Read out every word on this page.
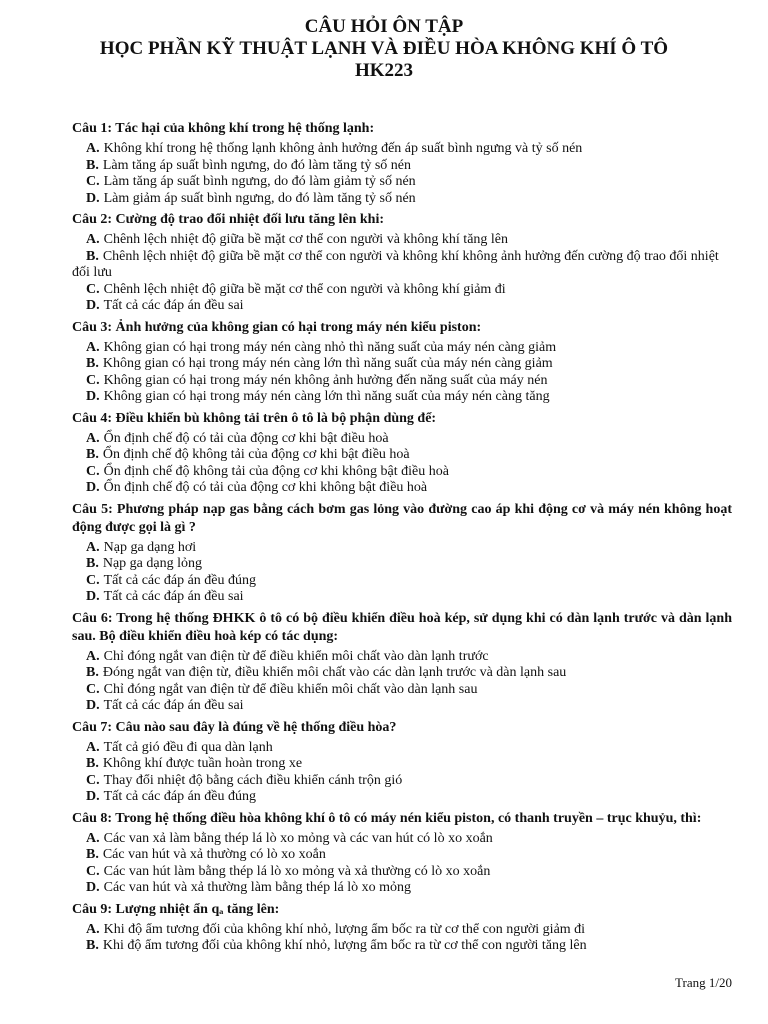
CÂU HỎI ÔN TẬP
HỌC PHẦN KỸ THUẬT LẠNH VÀ ĐIỀU HÒA KHÔNG KHÍ Ô TÔ
HK223
Câu 1: Tác hại của không khí trong hệ thống lạnh:
A. Không khí trong hệ thống lạnh không ảnh hưởng đến áp suất bình ngưng và tỷ số nén
B. Làm tăng áp suất bình ngưng, do đó làm tăng tỷ số nén
C. Làm tăng áp suất bình ngưng, do đó làm giảm tỷ số nén
D. Làm giảm áp suất bình ngưng, do đó làm tăng tỷ số nén
Câu 2: Cường độ trao đổi nhiệt đối lưu tăng lên khi:
A. Chênh lệch nhiệt độ giữa bề mặt cơ thể con người và không khí tăng lên
B. Chênh lệch nhiệt độ giữa bề mặt cơ thể con người và không khí không ảnh hưởng đến cường độ trao đổi nhiệt đối lưu
C. Chênh lệch nhiệt độ giữa bề mặt cơ thể con người và không khí giảm đi
D. Tất cả các đáp án đều sai
Câu 3: Ảnh hưởng của không gian có hại trong máy nén kiểu piston:
A. Không gian có hại trong máy nén càng nhỏ thì năng suất của máy nén càng giảm
B. Không gian có hại trong máy nén càng lớn thì năng suất của máy nén càng giảm
C. Không gian có hại trong máy nén không ảnh hưởng đến năng suất của máy nén
D. Không gian có hại trong máy nén càng lớn thì năng suất của máy nén càng tăng
Câu 4: Điều khiển bù không tải trên ô tô là bộ phận dùng để:
A. Ổn định chế độ có tải của động cơ khi bật điều hoà
B. Ổn định chế độ không tải của động cơ khi bật điều hoà
C. Ổn định chế độ không tải của động cơ khi không bật điều hoà
D. Ổn định chế độ có tải của động cơ khi không bật điều hoà
Câu 5: Phương pháp nạp gas bằng cách bơm gas lỏng vào đường cao áp khi động cơ và máy nén không hoạt động được gọi là gì ?
A. Nạp ga dạng hơi
B. Nạp ga dạng lỏng
C. Tất cả các đáp án đều đúng
D. Tất cả các đáp án đều sai
Câu 6: Trong hệ thống ĐHKK ô tô có bộ điều khiển điều hoà kép, sử dụng khi có dàn lạnh trước và dàn lạnh sau. Bộ điều khiển điều hoà kép có tác dụng:
A. Chỉ đóng ngắt van điện từ để điều khiển môi chất vào dàn lạnh trước
B. Đóng ngắt van điện từ, điều khiển môi chất vào các dàn lạnh trước và dàn lạnh sau
C. Chỉ đóng ngắt van điện từ để điều khiển môi chất vào dàn lạnh sau
D. Tất cả các đáp án đều sai
Câu 7: Câu nào sau đây là đúng về hệ thống điều hòa?
A. Tất cả gió đều đi qua dàn lạnh
B. Không khí được tuần hoàn trong xe
C. Thay đổi nhiệt độ bằng cách điều khiển cánh trộn gió
D. Tất cả các đáp án đều đúng
Câu 8: Trong hệ thống điều hòa không khí ô tô có máy nén kiểu piston, có thanh truyền – trục khuỷu, thì:
A. Các van xả làm bằng thép lá lò xo mỏng và các van hút có lò xo xoắn
B. Các van hút và xả thường có lò xo xoắn
C. Các van hút làm bằng thép lá lò xo mỏng và xả thường có lò xo xoắn
D. Các van hút và xả thường làm bằng thép lá lò xo mỏng
Câu 9: Lượng nhiệt ẩn qₐ tăng lên:
A. Khi độ ẩm tương đối của không khí nhỏ, lượng ẩm bốc ra từ cơ thể con người giảm đi
B. Khi độ ẩm tương đối của không khí nhỏ, lượng ẩm bốc ra từ cơ thể con người tăng lên
Trang 1/20
